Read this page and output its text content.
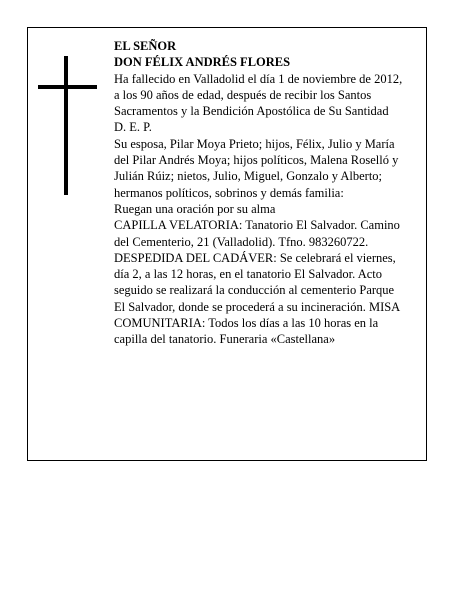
EL SEÑOR

DON FÉLIX ANDRÉS FLORES

Ha fallecido en Valladolid el día 1 de noviembre de 2012, a los 90 años de edad, después de recibir los Santos Sacramentos y la Bendición Apostólica de Su Santidad

D. E. P.

Su esposa, Pilar Moya Prieto; hijos, Félix, Julio y María del Pilar Andrés Moya; hijos políticos, Malena Roselló y Julián Rúiz; nietos, Julio, Miguel, Gonzalo y Alberto; hermanos políticos, sobrinos y demás familia:

Ruegan una oración por su alma

CAPILLA VELATORIA: Tanatorio El Salvador. Camino del Cementerio, 21 (Valladolid). Tfno. 983260722.

DESPEDIDA DEL CADÁVER: Se celebrará el viernes, día 2, a las 12 horas, en el tanatorio El Salvador. Acto seguido se realizará la conducción al cementerio Parque El Salvador, donde se procederá a su incineración. MISA COMUNITARIA: Todos los días a las 10 horas en la capilla del tanatorio. Funeraria «Castellana»
